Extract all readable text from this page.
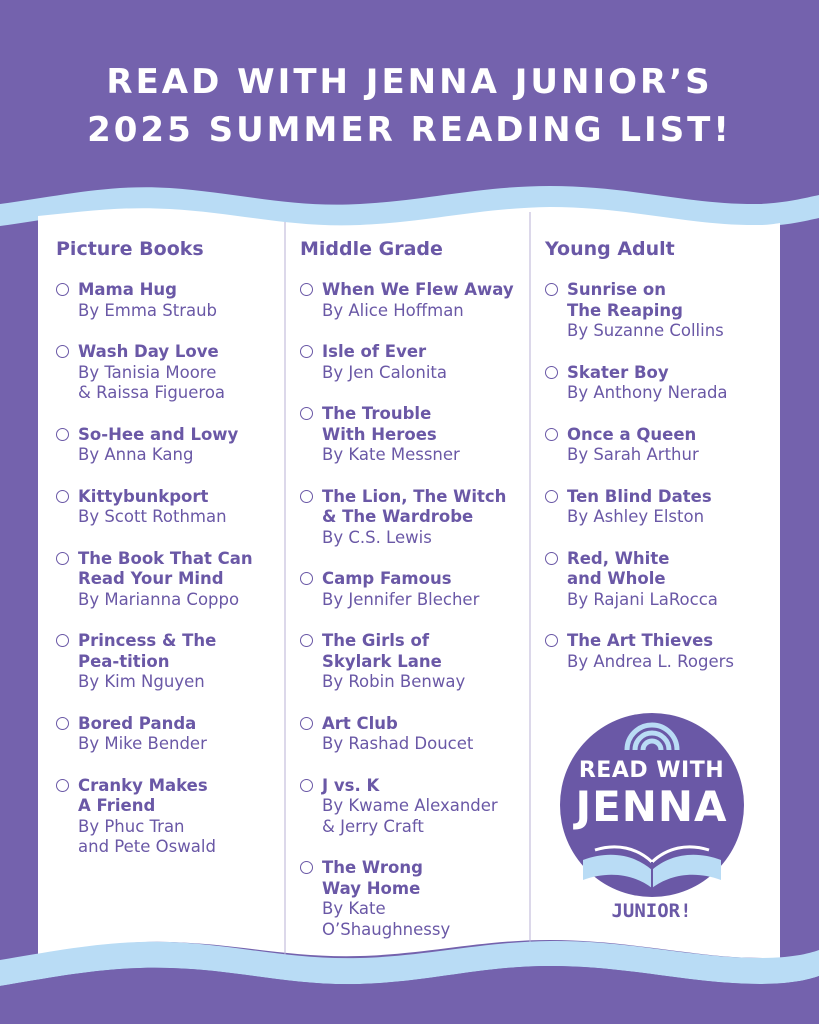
READ WITH JENNA JUNIOR’S
2025 SUMMER READING LIST!
Picture Books
Mama Hug
By Emma Straub
Wash Day Love
By Tanisia Moore
& Raissa Figueroa
So-Hee and Lowy
By Anna Kang
Kittybunkport
By Scott Rothman
The Book That Can
Read Your Mind
By Marianna Coppo
Princess & The
Pea-tition
By Kim Nguyen
Bored Panda
By Mike Bender
Cranky Makes
A Friend
By Phuc Tran
and Pete Oswald
Middle Grade
When We Flew Away
By Alice Hoffman
Isle of Ever
By Jen Calonita
The Trouble
With Heroes
By Kate Messner
The Lion, The Witch
& The Wardrobe
By C.S. Lewis
Camp Famous
By Jennifer Blecher
The Girls of
Skylark Lane
By Robin Benway
Art Club
By Rashad Doucet
J vs. K
By Kwame Alexander
& Jerry Craft
The Wrong
Way Home
By Kate
O’Shaughnessy
Young Adult
Sunrise on
The Reaping
By Suzanne Collins
Skater Boy
By Anthony Nerada
Once a Queen
By Sarah Arthur
Ten Blind Dates
By Ashley Elston
Red, White
and Whole
By Rajani LaRocca
The Art Thieves
By Andrea L. Rogers
READ WITH
JENNA
JUNIOR!
